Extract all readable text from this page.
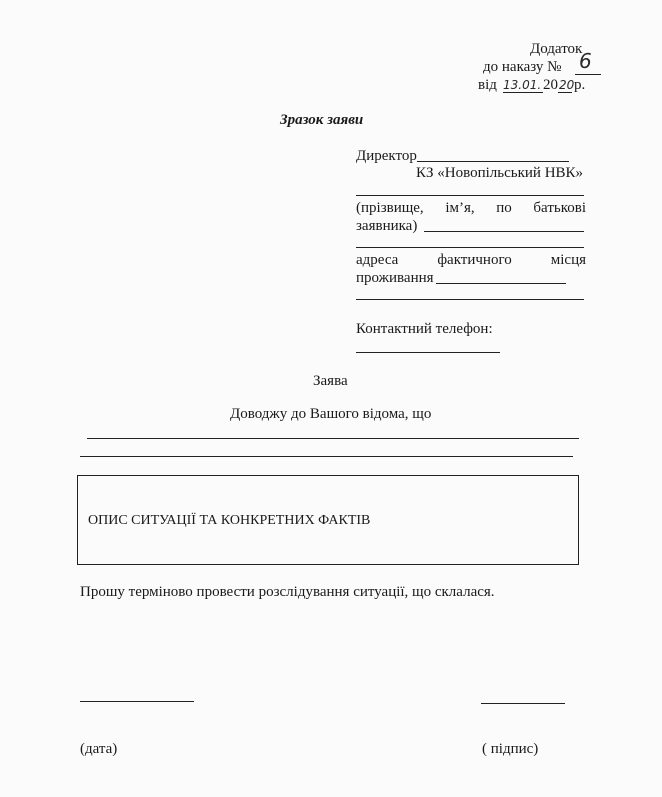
Додаток
до наказу № 6
від 13.01. 20 20 р.
Зразок заяви
Директор
КЗ «Новопільський НВК»
(прізвище, ім’я, по батькові
заявника)
адреса фактичного місця
проживання
Контактний телефон:
Заява
Доводжу до Вашого відома, що
ОПИС СИТУАЦІЇ ТА КОНКРЕТНИХ ФАКТІВ
Прошу терміново провести розслідування ситуації, що склалася.
(дата)	( підпис)
